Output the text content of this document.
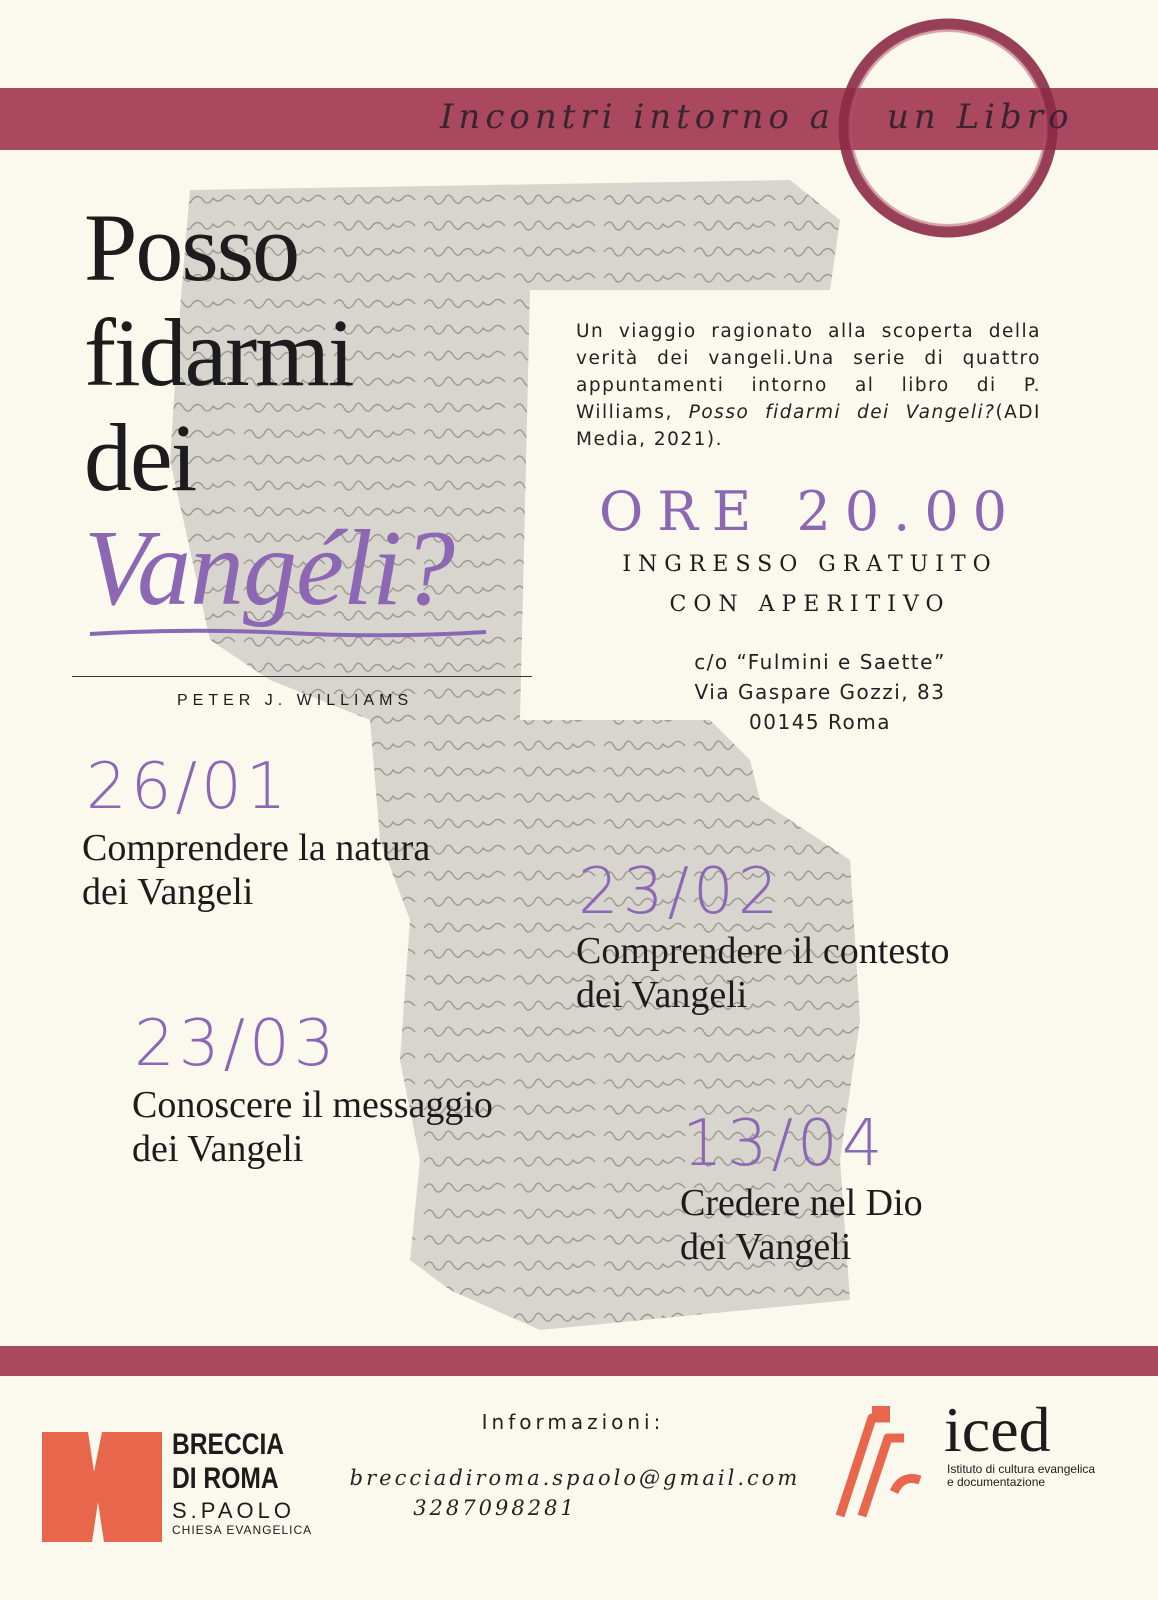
Incontri intorno a un Libro
Posso
fidarmi
dei
Vangéli?
PETER J. WILLIAMS
Un viaggio ragionato alla scoperta della verità dei vangeli.Una serie di quattro appuntamenti intorno al libro di P. Williams, Posso fidarmi dei Vangeli?(ADI Media, 2021).
ORE 20.00
INGRESSO GRATUITO
CON APERITIVO
c/o “Fulmini e Saette”
Via Gaspare Gozzi, 83
00145 Roma
26/01
Comprendere la natura
dei Vangeli	23/02
Comprendere il contesto
dei Vangeli
23/03
Conoscere il messaggio
dei Vangeli	13/04
Credere nel Dio
dei Vangeli
BRECCIA
DI ROMA
S.PAOLO
CHIESA EVANGELICA
Informazioni:
brecciadiroma.spaolo@gmail.com
3287098281
iced
Istituto di cultura evangelica
e documentazione
